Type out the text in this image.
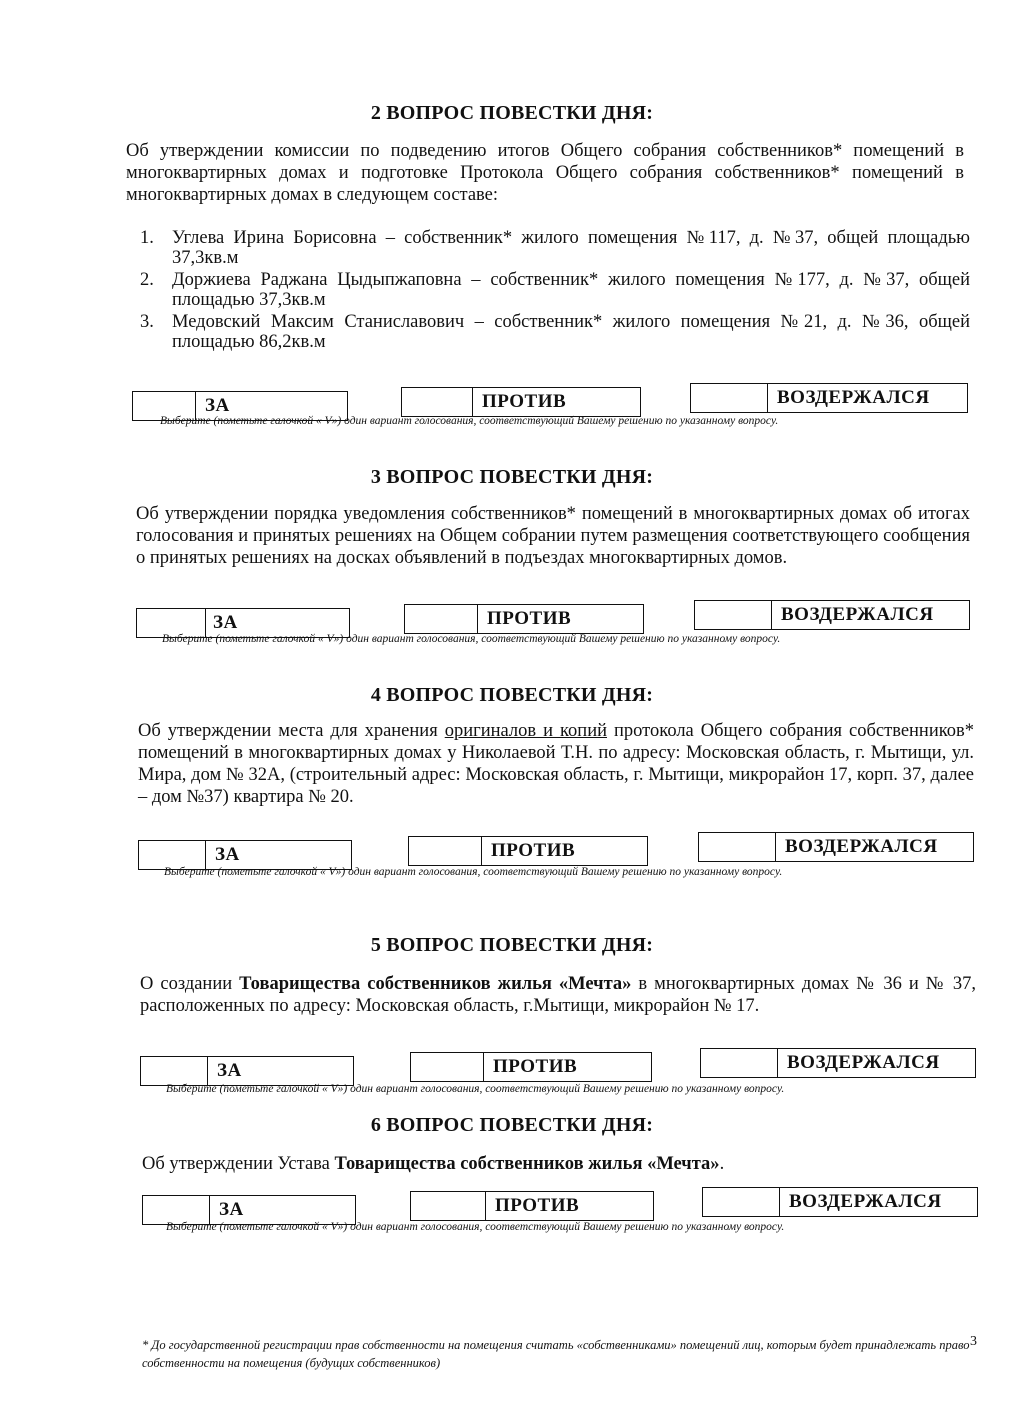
2 ВОПРОС ПОВЕСТКИ ДНЯ:
Об утверждении комиссии по подведению итогов Общего собрания собственников* помещений в многоквартирных домах и подготовке Протокола Общего собрания собственников* помещений в многоквартирных домах в следующем составе:
1. Углева Ирина Борисовна – собственник* жилого помещения №117, д. №37, общей площадью 37,3кв.м
2. Доржиева Раджана Цыдыпжаповна – собственник* жилого помещения №177, д. №37, общей площадью 37,3кв.м
3. Медовский Максим Станиславович – собственник* жилого помещения №21, д. №36, общей площадью 86,2кв.м
ЗА	ПРОТИВ	ВОЗДЕРЖАЛСЯ
Выберите (пометьте галочкой « V») один вариант голосования, соответствующий Вашему решению по указанному вопросу.
3 ВОПРОС ПОВЕСТКИ ДНЯ:
Об утверждении порядка уведомления собственников* помещений в многоквартирных домах об итогах голосования и принятых решениях на Общем собрании путем размещения соответствующего сообщения о принятых решениях на досках объявлений в подъездах многоквартирных домов.
ЗА	ПРОТИВ	ВОЗДЕРЖАЛСЯ
Выберите (пометьте галочкой « V») один вариант голосования, соответствующий Вашему решению по указанному вопросу.
4 ВОПРОС ПОВЕСТКИ ДНЯ:
Об утверждении места для хранения оригиналов и копий протокола Общего собрания собственников* помещений в многоквартирных домах у Николаевой Т.Н. по адресу: Московская область, г. Мытищи, ул. Мира, дом № 32А, (строительный адрес: Московская область, г. Мытищи, микрорайон 17, корп. 37, далее – дом №37) квартира № 20.
ЗА	ПРОТИВ	ВОЗДЕРЖАЛСЯ
Выберите (пометьте галочкой « V») один вариант голосования, соответствующий Вашему решению по указанному вопросу.
5 ВОПРОС ПОВЕСТКИ ДНЯ:
О создании Товарищества собственников жилья «Мечта» в многоквартирных домах № 36 и № 37, расположенных по адресу: Московская область, г.Мытищи, микрорайон № 17.
ЗА	ПРОТИВ	ВОЗДЕРЖАЛСЯ
Выберите (пометьте галочкой « V») один вариант голосования, соответствующий Вашему решению по указанному вопросу.
6 ВОПРОС ПОВЕСТКИ ДНЯ:
Об утверждении Устава Товарищества собственников жилья «Мечта».
ЗА	ПРОТИВ	ВОЗДЕРЖАЛСЯ
Выберите (пометьте галочкой « V») один вариант голосования, соответствующий Вашему решению по указанному вопросу.
* До государственной регистрации прав собственности на помещения считать «собственниками» помещений лиц, которым будет принадлежать право собственности на помещения (будущих собственников)
3
